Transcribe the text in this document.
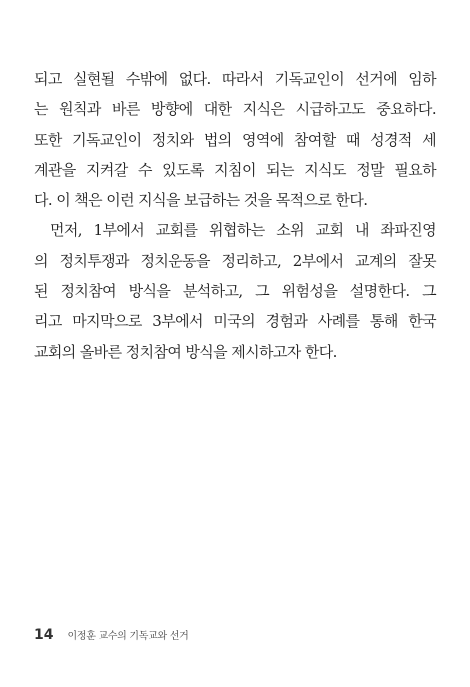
되고 실현될 수밖에 없다. 따라서 기독교인이 선거에 임하
는 원칙과 바른 방향에 대한 지식은 시급하고도 중요하다.
또한 기독교인이 정치와 법의 영역에 참여할 때 성경적 세
계관을 지켜갈 수 있도록 지침이 되는 지식도 정말 필요하
다. 이 책은 이런 지식을 보급하는 것을 목적으로 한다.
먼저, 1부에서 교회를 위협하는 소위 교회 내 좌파진영
의 정치투쟁과 정치운동을 정리하고, 2부에서 교계의 잘못
된 정치참여 방식을 분석하고, 그 위험성을 설명한다. 그
리고 마지막으로 3부에서 미국의 경험과 사례를 통해 한국
교회의 올바른 정치참여 방식을 제시하고자 한다.
14 이정훈 교수의 기독교와 선거
